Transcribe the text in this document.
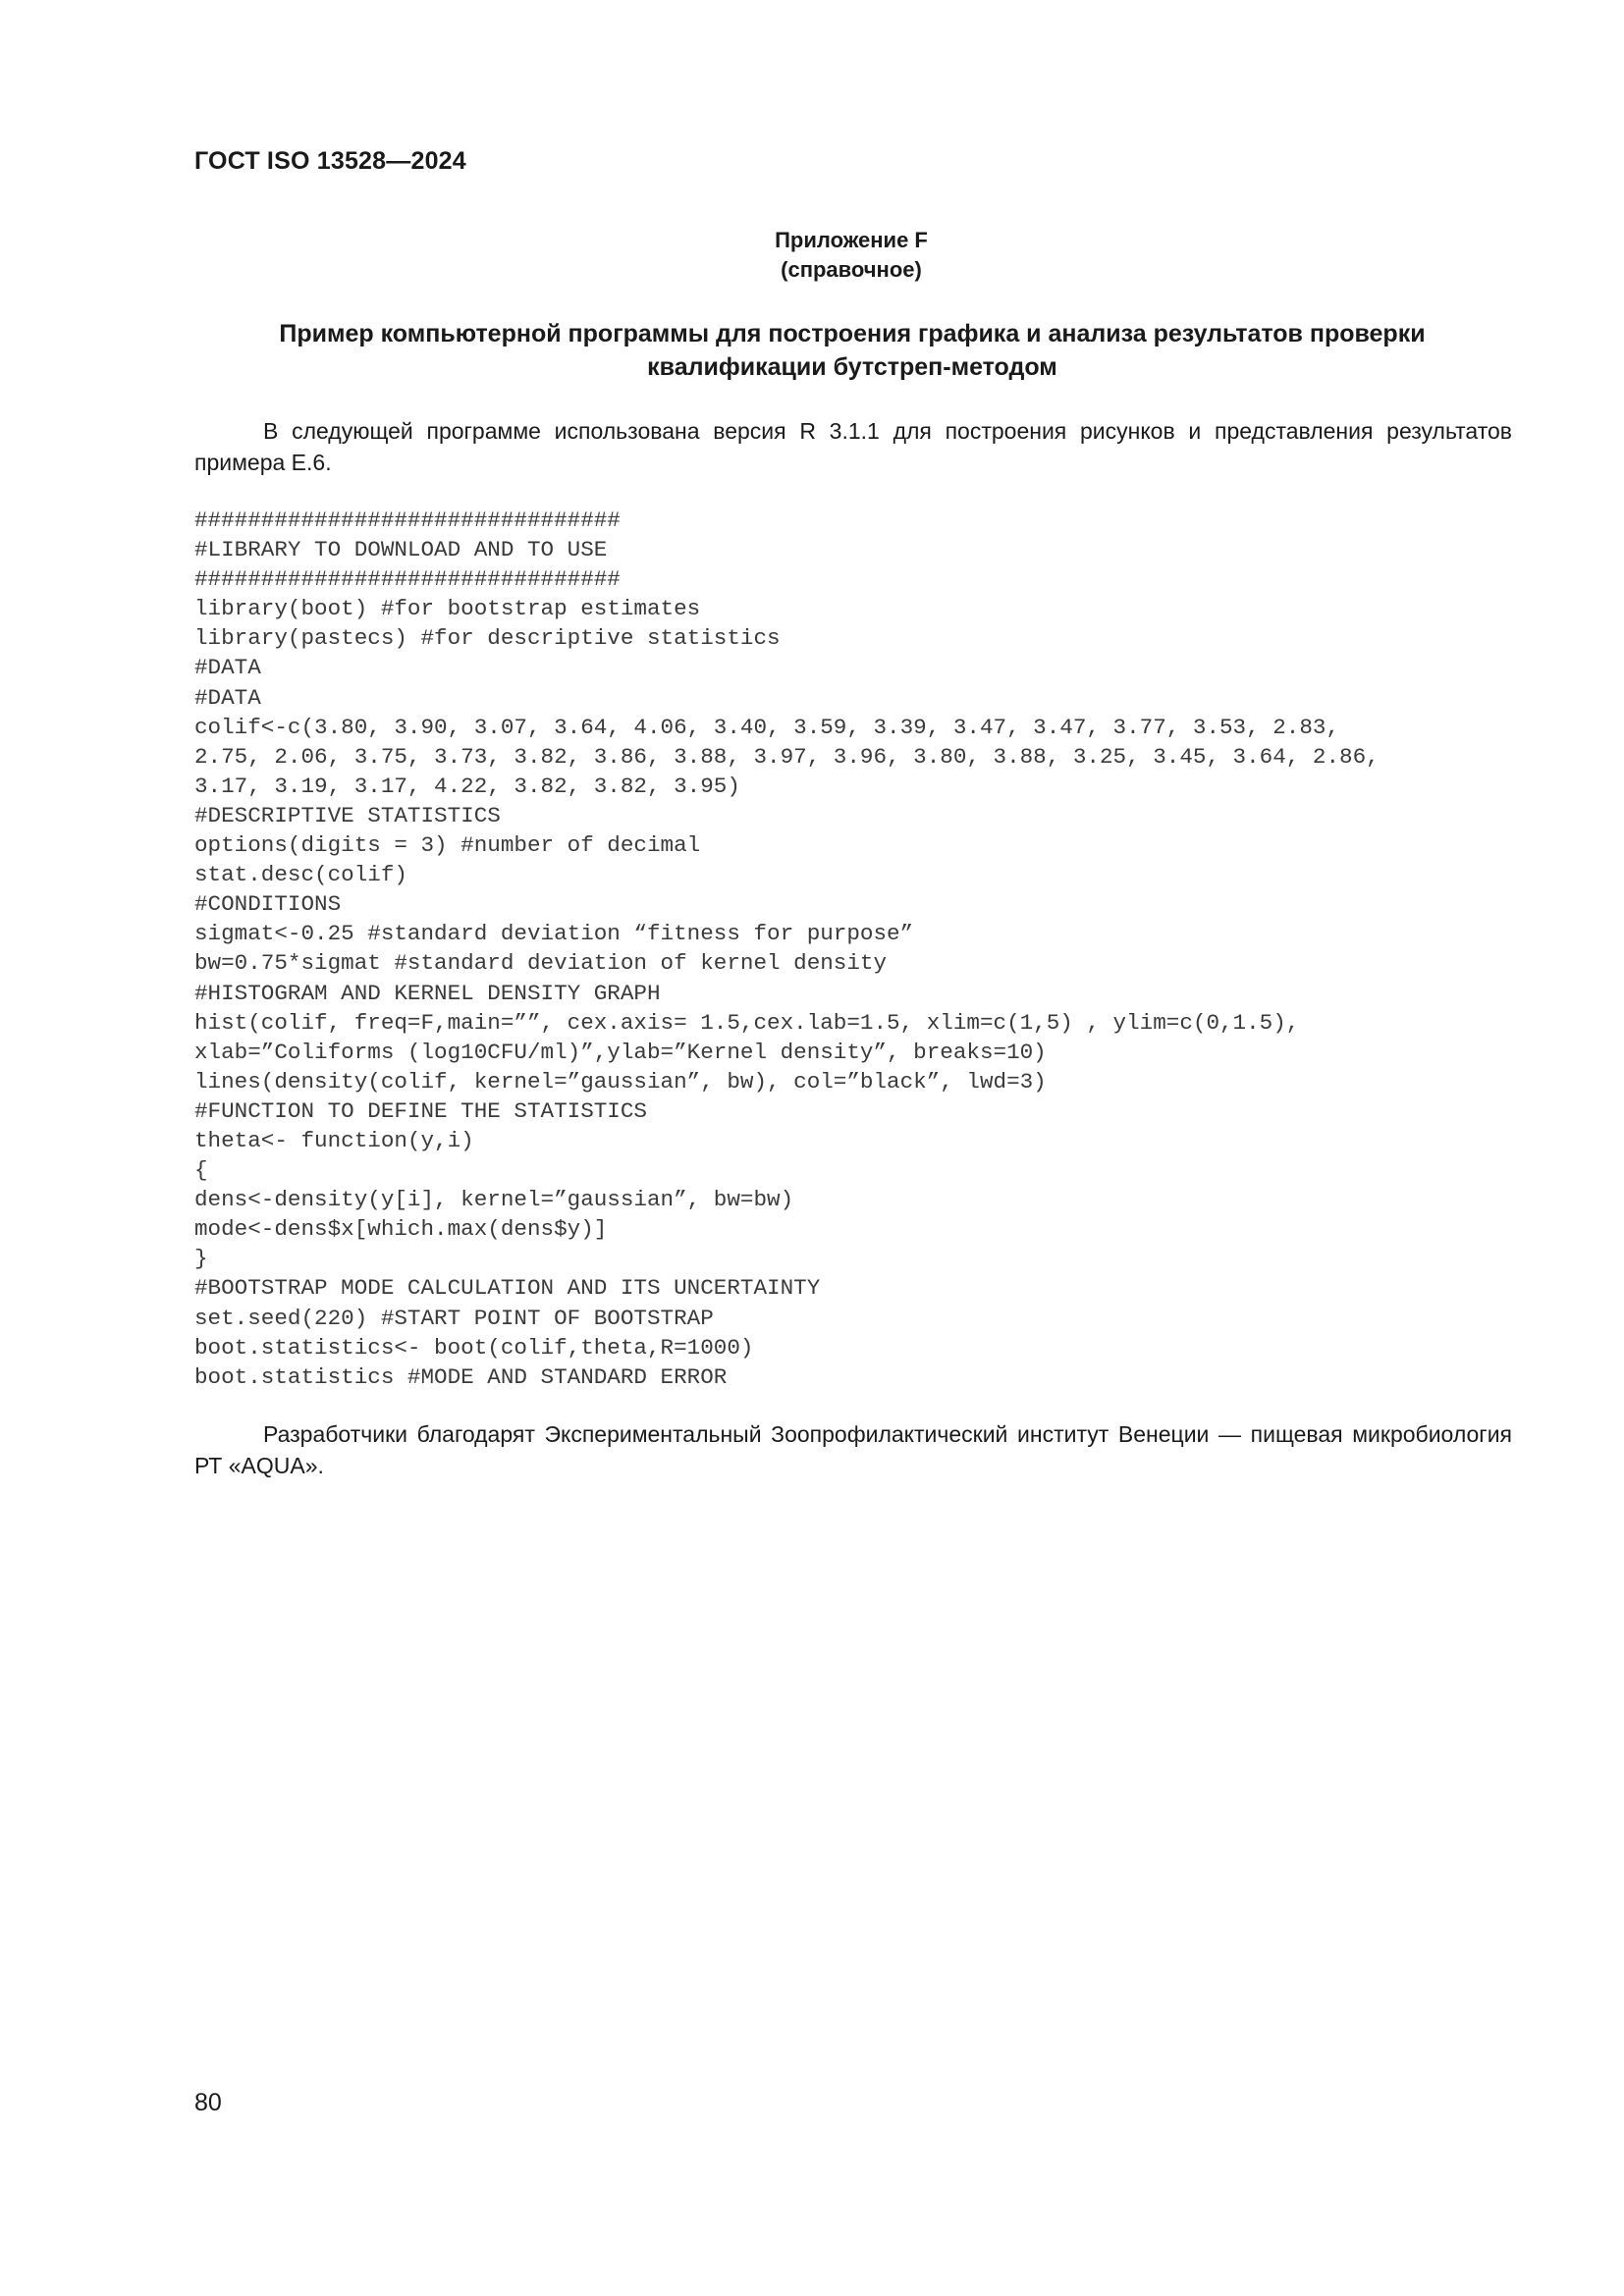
ГОСТ ISO 13528—2024
Приложение F
(справочное)
Пример компьютерной программы для построения графика и анализа результатов проверки
квалификации бутстреп-методом
В следующей программе использована версия R 3.1.1 для построения рисунков и представления результатов примера E.6.
################################
#LIBRARY TO DOWNLOAD AND TO USE
################################
library(boot) #for bootstrap estimates
library(pastecs) #for descriptive statistics
#DATA
#DATA
colif<-c(3.80, 3.90, 3.07, 3.64, 4.06, 3.40, 3.59, 3.39, 3.47, 3.47, 3.77, 3.53, 2.83,
2.75, 2.06, 3.75, 3.73, 3.82, 3.86, 3.88, 3.97, 3.96, 3.80, 3.88, 3.25, 3.45, 3.64, 2.86,
3.17, 3.19, 3.17, 4.22, 3.82, 3.82, 3.95)
#DESCRIPTIVE STATISTICS
options(digits = 3) #number of decimal
stat.desc(colif)
#CONDITIONS
sigmat<-0.25 #standard deviation “fitness for purpose”
bw=0.75*sigmat #standard deviation of kernel density
#HISTOGRAM AND KERNEL DENSITY GRAPH
hist(colif, freq=F,main=””, cex.axis= 1.5,cex.lab=1.5, xlim=c(1,5) , ylim=c(0,1.5),
xlab=”Coliforms (log10CFU/ml)”,ylab=”Kernel density”, breaks=10)
lines(density(colif, kernel=”gaussian”, bw), col=”black”, lwd=3)
#FUNCTION TO DEFINE THE STATISTICS
theta<- function(y,i)
{
dens<-density(y[i], kernel=”gaussian”, bw=bw)
mode<-dens$x[which.max(dens$y)]
}
#BOOTSTRAP MODE CALCULATION AND ITS UNCERTAINTY
set.seed(220) #START POINT OF BOOTSTRAP
boot.statistics<- boot(colif,theta,R=1000)
boot.statistics #MODE AND STANDARD ERROR
Разработчики благодарят Экспериментальный Зоопрофилактический институт Венеции — пищевая микробиология РТ «AQUA».
80
